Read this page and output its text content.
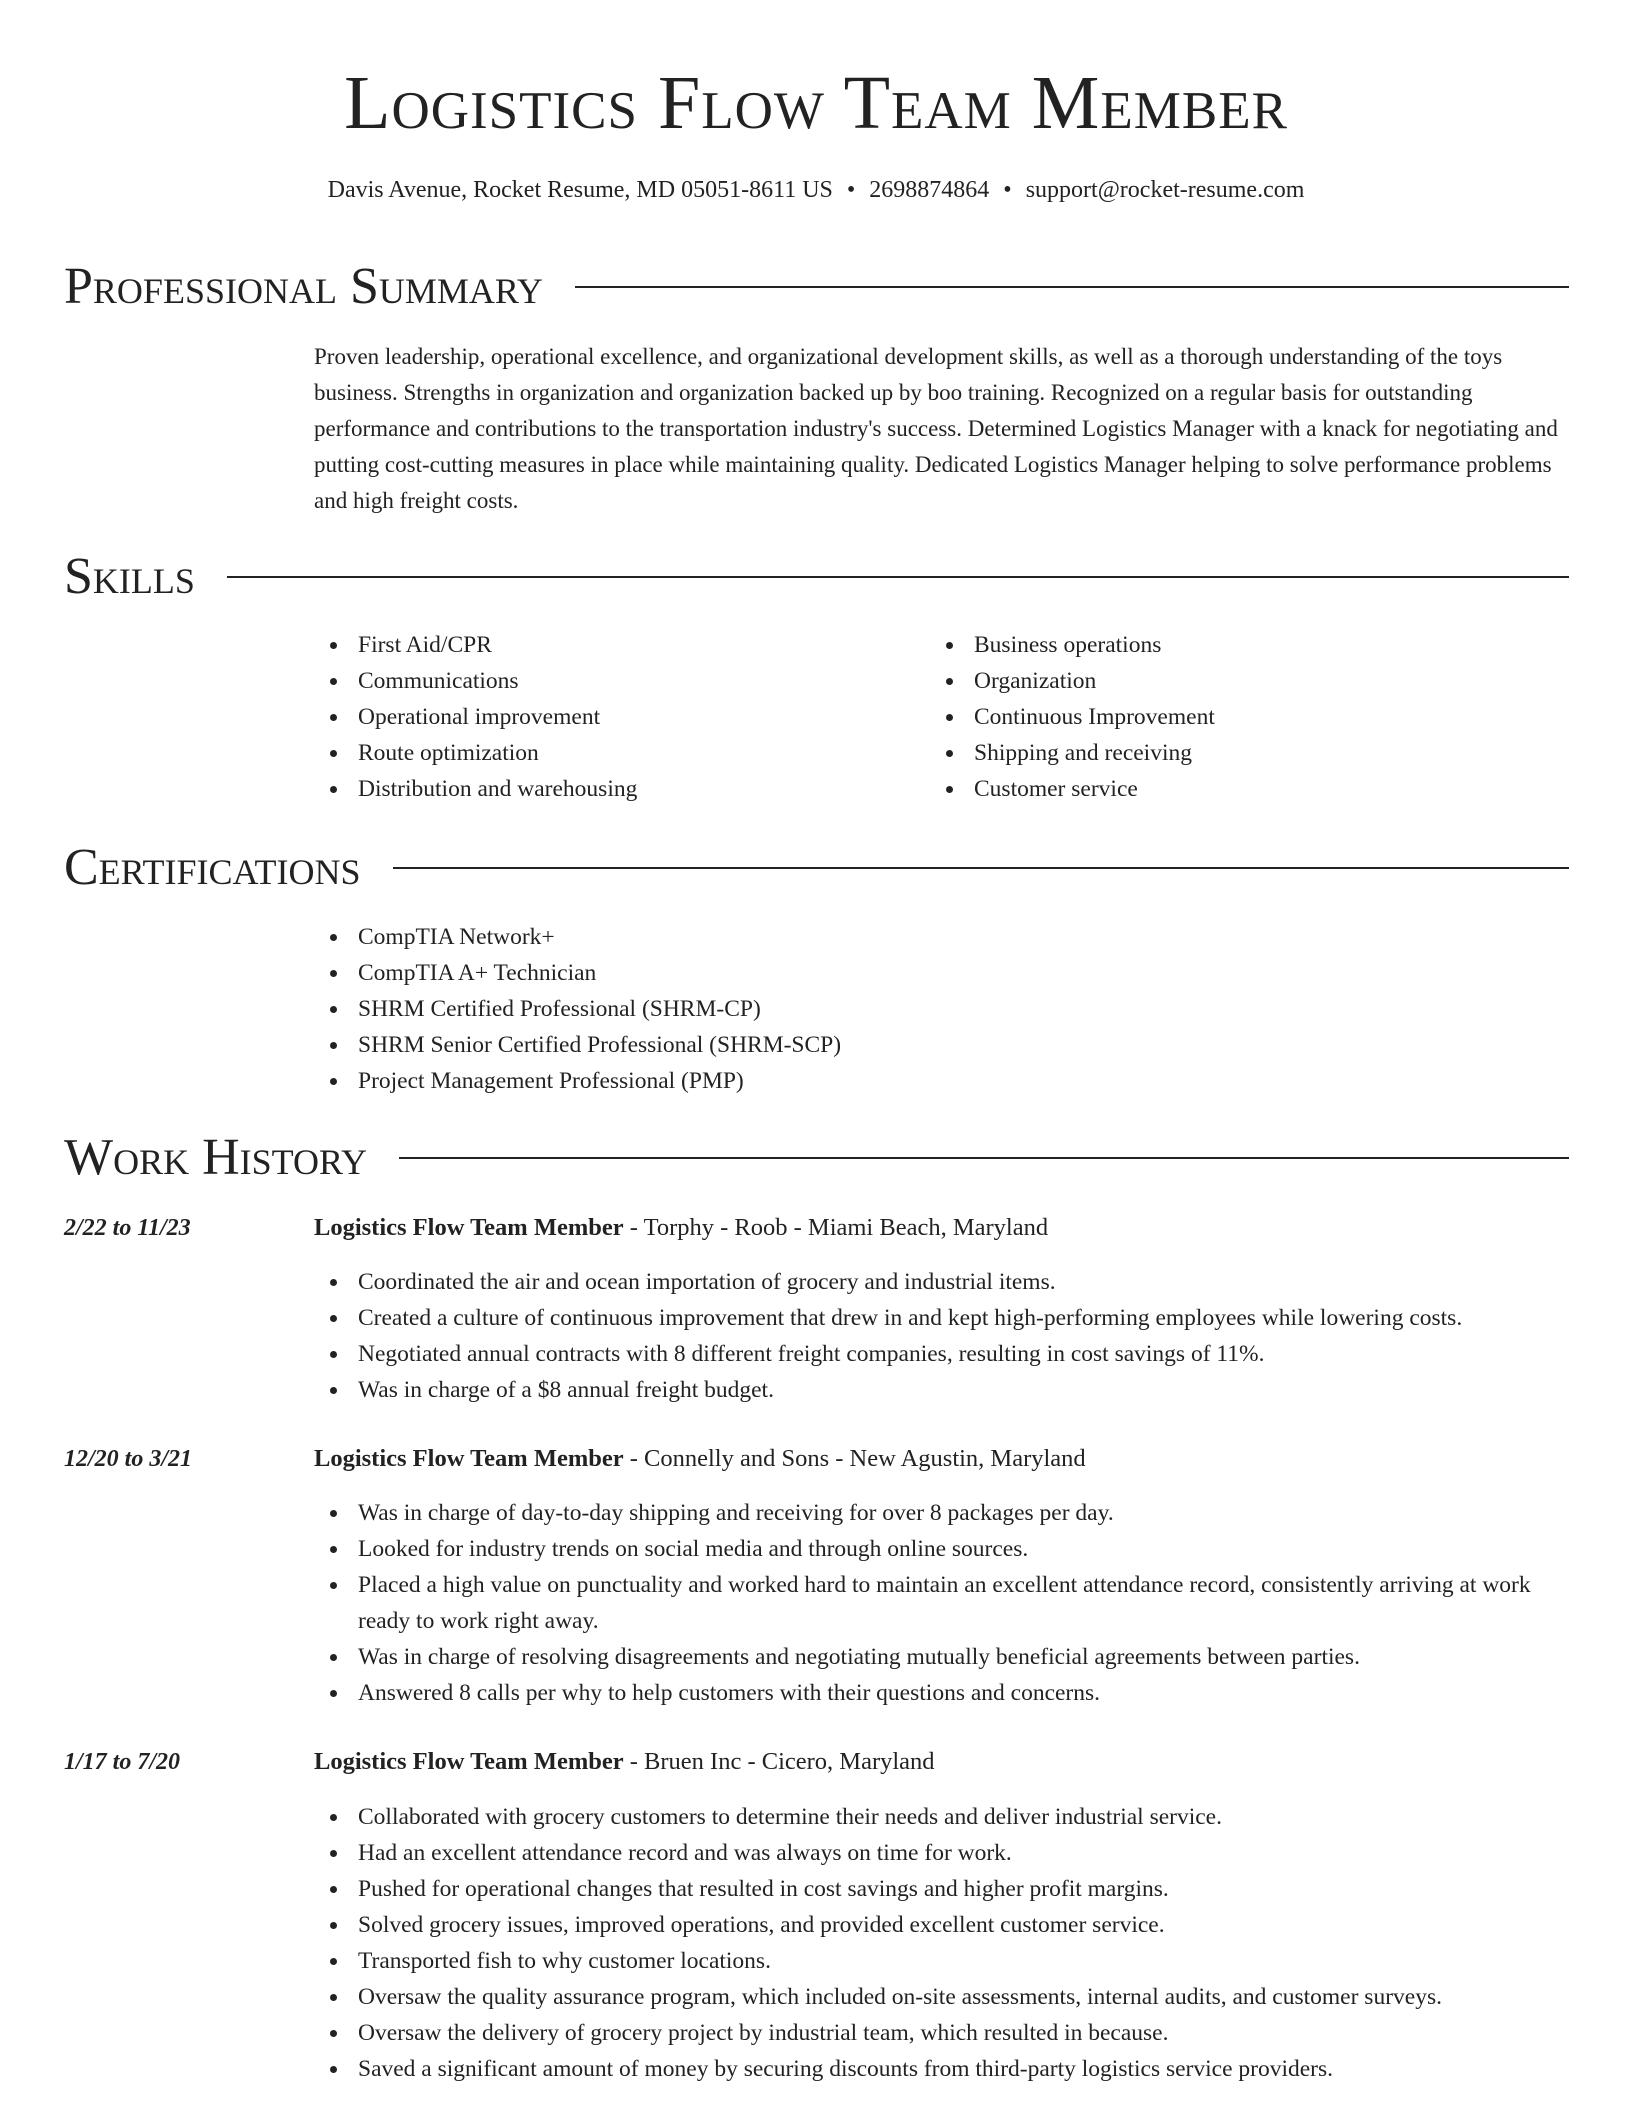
Logistics Flow Team Member
Davis Avenue, Rocket Resume, MD 05051-8611 US • 2698874864 • support@rocket-resume.com
Professional Summary

Proven leadership, operational excellence, and organizational development skills, as well as a thorough understanding of the toys business. Strengths in organization and organization backed up by boo training. Recognized on a regular basis for outstanding performance and contributions to the transportation industry's success. Determined Logistics Manager with a knack for negotiating and putting cost-cutting measures in place while maintaining quality. Dedicated Logistics Manager helping to solve performance problems and high freight costs.

Skills
First Aid/CPR
Communications
Operational improvement
Route optimization
Distribution and warehousing
Business operations
Organization
Continuous Improvement
Shipping and receiving
Customer service
Certifications
CompTIA Network+
CompTIA A+ Technician
SHRM Certified Professional (SHRM-CP)
SHRM Senior Certified Professional (SHRM-SCP)
Project Management Professional (PMP)
Work History
2/22 to 11/23	Logistics Flow Team Member - Torphy - Roob - Miami Beach, Maryland
Coordinated the air and ocean importation of grocery and industrial items.
Created a culture of continuous improvement that drew in and kept high-performing employees while lowering costs.
Negotiated annual contracts with 8 different freight companies, resulting in cost savings of 11%.
Was in charge of a $8 annual freight budget.
12/20 to 3/21	Logistics Flow Team Member - Connelly and Sons - New Agustin, Maryland
Was in charge of day-to-day shipping and receiving for over 8 packages per day.
Looked for industry trends on social media and through online sources.
Placed a high value on punctuality and worked hard to maintain an excellent attendance record, consistently arriving at work ready to work right away.
Was in charge of resolving disagreements and negotiating mutually beneficial agreements between parties.
Answered 8 calls per why to help customers with their questions and concerns.
1/17 to 7/20	Logistics Flow Team Member - Bruen Inc - Cicero, Maryland
Collaborated with grocery customers to determine their needs and deliver industrial service.
Had an excellent attendance record and was always on time for work.
Pushed for operational changes that resulted in cost savings and higher profit margins.
Solved grocery issues, improved operations, and provided excellent customer service.
Transported fish to why customer locations.
Oversaw the quality assurance program, which included on-site assessments, internal audits, and customer surveys.
Oversaw the delivery of grocery project by industrial team, which resulted in because.
Saved a significant amount of money by securing discounts from third-party logistics service providers.
